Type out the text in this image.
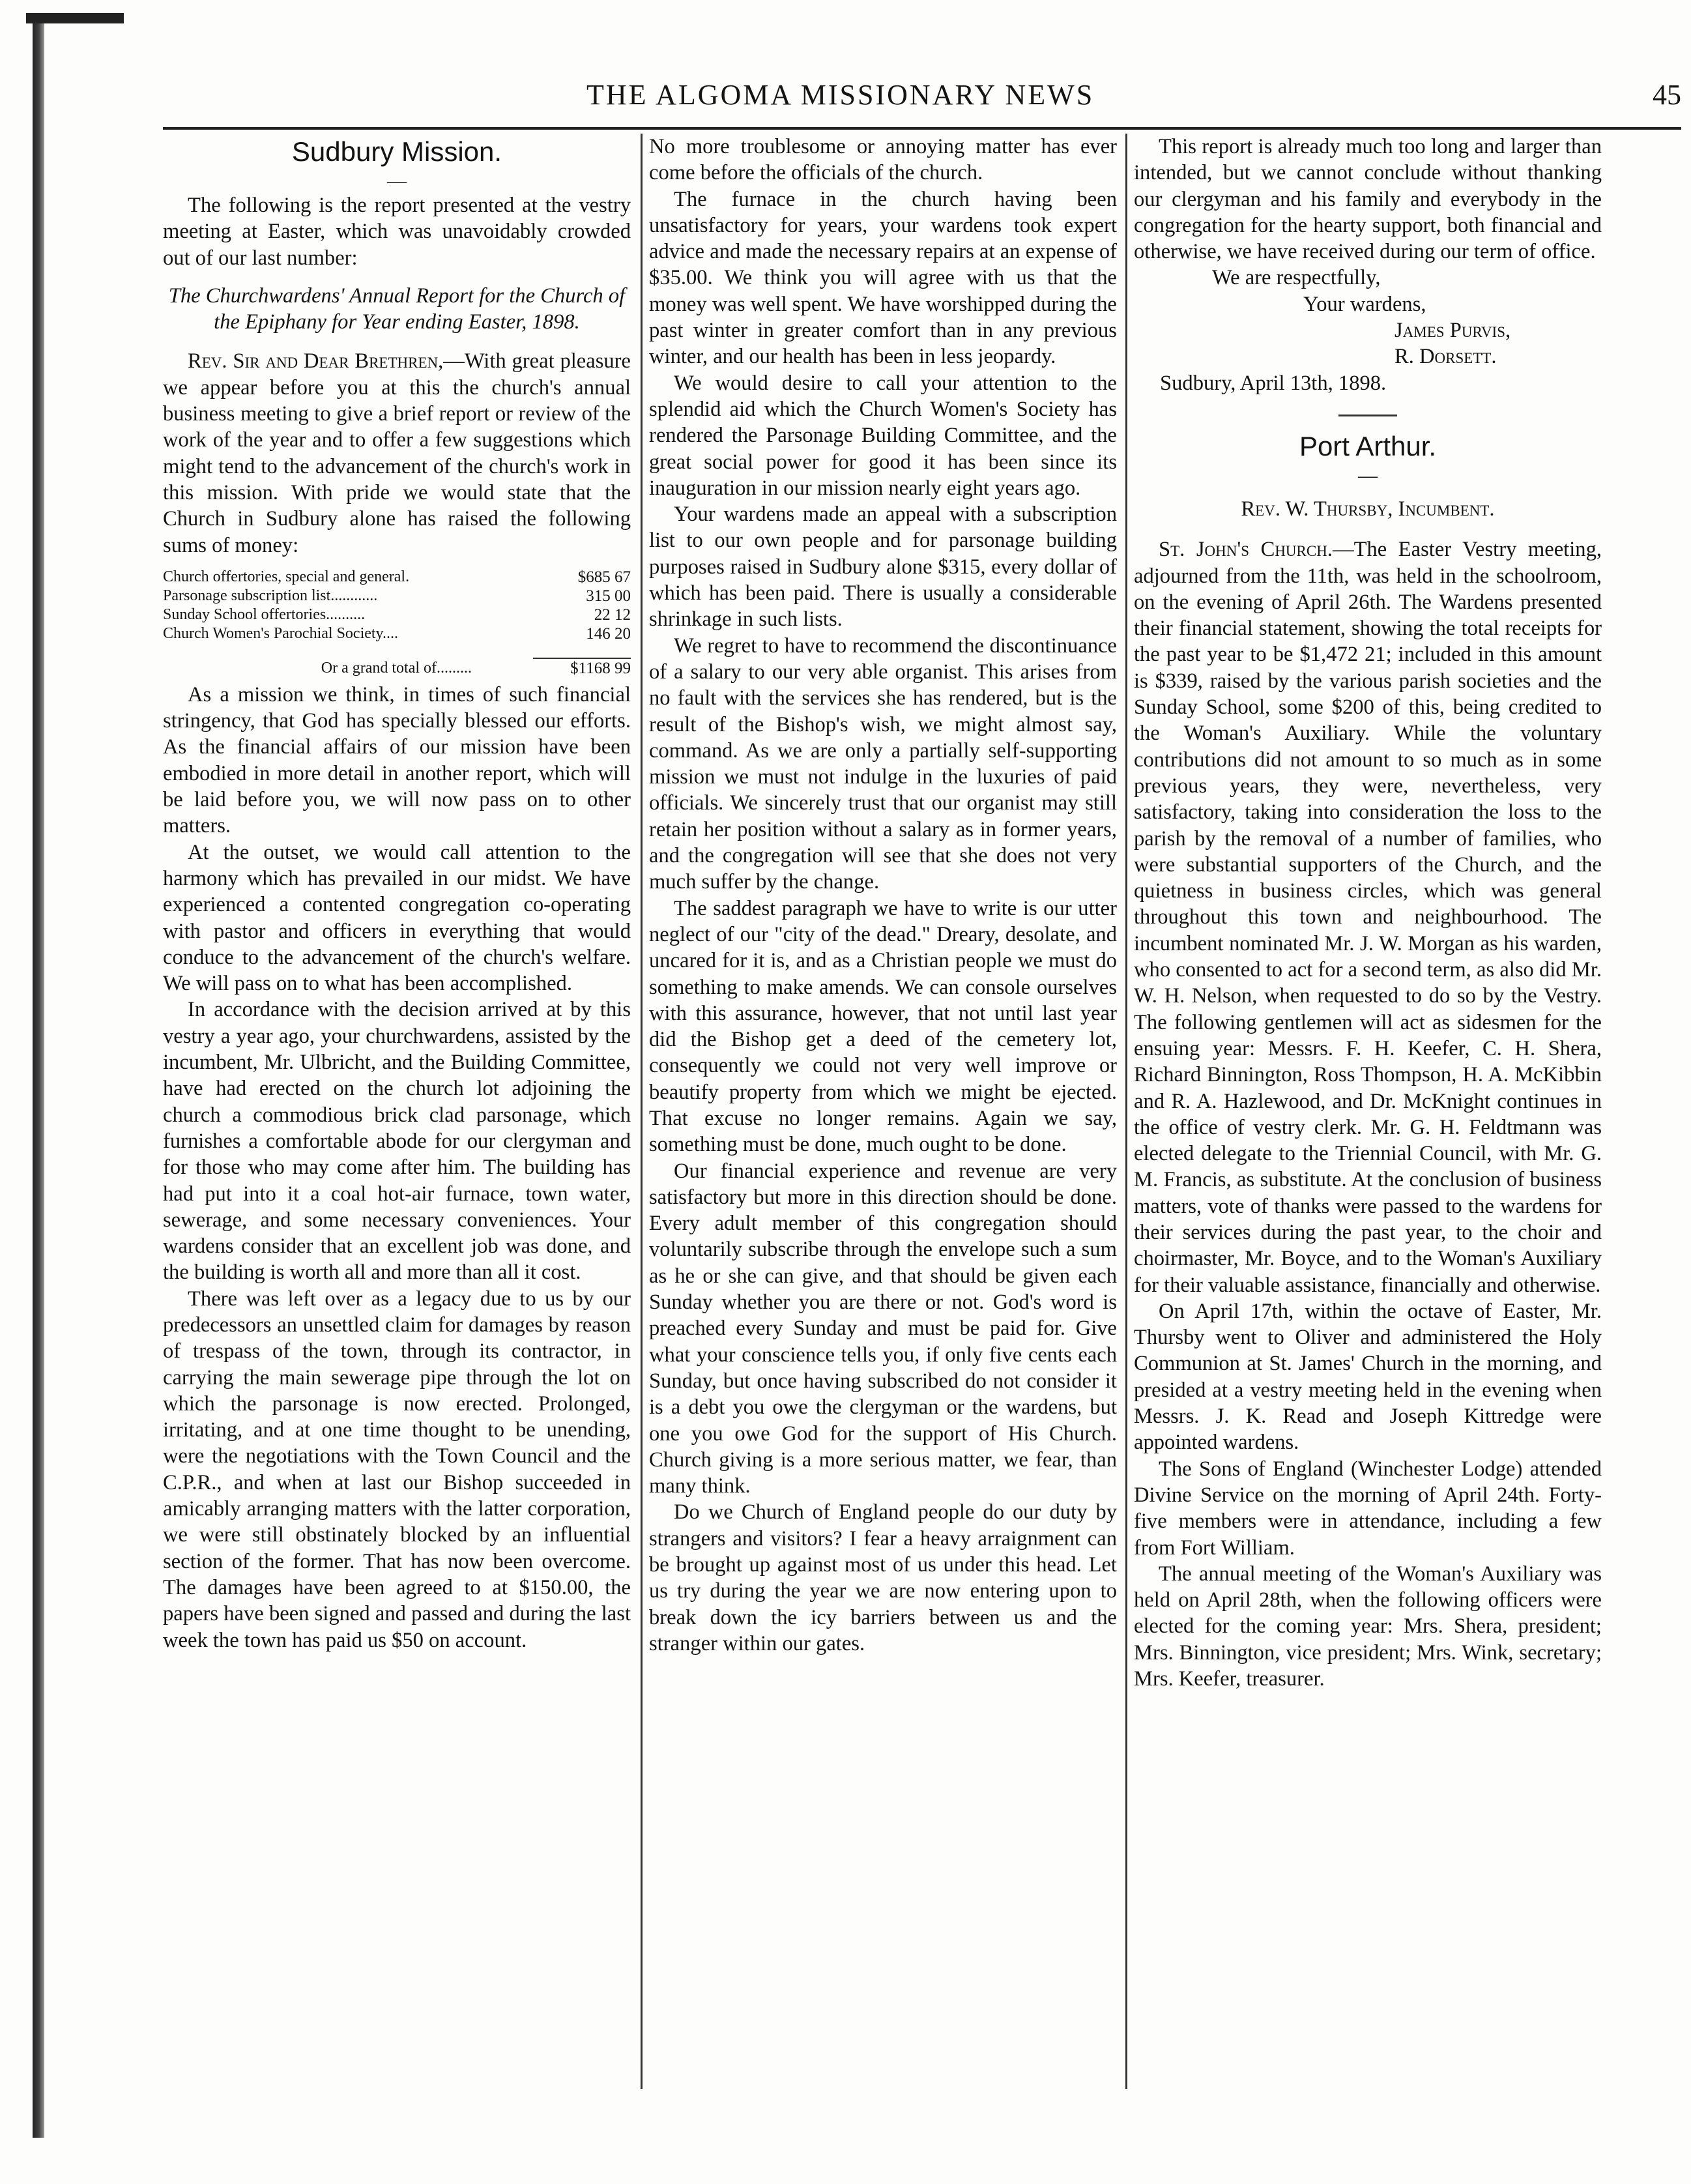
THE ALGOMA MISSIONARY NEWS	45
Sudbury Mission.
—

The following is the report presented at the vestry meeting at Easter, which was unavoidably crowded out of our last number:

The Churchwardens' Annual Report for the Church of the Epiphany for Year ending Easter, 1898.

Rev. Sir and Dear Brethren,—With great pleasure we appear before you at this the church's annual business meeting to give a brief report or review of the work of the year and to offer a few suggestions which might tend to the advancement of the church's work in this mission. With pride we would state that the Church in Sudbury alone has raised the following sums of money:

Church offertories, special and general.	$685 67
Parsonage subscription list............	315 00
Sunday School offertories..........	22 12
Church Women's Parochial Society....	146 20
Or a grand total of.........	$1168 99

As a mission we think, in times of such financial stringency, that God has specially blessed our efforts. As the financial affairs of our mission have been embodied in more detail in another report, which will be laid before you, we will now pass on to other matters.

At the outset, we would call attention to the harmony which has prevailed in our midst. We have experienced a contented congregation co-operating with pastor and officers in everything that would conduce to the advancement of the church's welfare. We will pass on to what has been accomplished.

In accordance with the decision arrived at by this vestry a year ago, your churchwardens, assisted by the incumbent, Mr. Ulbricht, and the Building Committee, have had erected on the church lot adjoining the church a commodious brick clad parsonage, which furnishes a comfortable abode for our clergyman and for those who may come after him. The building has had put into it a coal hot-air furnace, town water, sewerage, and some necessary conveniences. Your wardens consider that an excellent job was done, and the building is worth all and more than all it cost.

There was left over as a legacy due to us by our predecessors an unsettled claim for damages by reason of trespass of the town, through its contractor, in carrying the main sewerage pipe through the lot on which the parsonage is now erected. Prolonged, irritating, and at one time thought to be unending, were the negotiations with the Town Council and the C.P.R., and when at last our Bishop succeeded in amicably arranging matters with the latter corporation, we were still obstinately blocked by an influential section of the former. That has now been overcome. The damages have been agreed to at $150.00, the papers have been signed and passed and during the last week the town has paid us $50 on account.

No more troublesome or annoying matter has ever come before the officials of the church.

The furnace in the church having been unsatisfactory for years, your wardens took expert advice and made the necessary repairs at an expense of $35.00. We think you will agree with us that the money was well spent. We have worshipped during the past winter in greater comfort than in any previous winter, and our health has been in less jeopardy.

We would desire to call your attention to the splendid aid which the Church Women's Society has rendered the Parsonage Building Committee, and the great social power for good it has been since its inauguration in our mission nearly eight years ago.

Your wardens made an appeal with a subscription list to our own people and for parsonage building purposes raised in Sudbury alone $315, every dollar of which has been paid. There is usually a considerable shrinkage in such lists.

We regret to have to recommend the discontinuance of a salary to our very able organist. This arises from no fault with the services she has rendered, but is the result of the Bishop's wish, we might almost say, command. As we are only a partially self-supporting mission we must not indulge in the luxuries of paid officials. We sincerely trust that our organist may still retain her position without a salary as in former years, and the congregation will see that she does not very much suffer by the change.

The saddest paragraph we have to write is our utter neglect of our "city of the dead." Dreary, desolate, and uncared for it is, and as a Christian people we must do something to make amends. We can console ourselves with this assurance, however, that not until last year did the Bishop get a deed of the cemetery lot, consequently we could not very well improve or beautify property from which we might be ejected. That excuse no longer remains. Again we say, something must be done, much ought to be done.

Our financial experience and revenue are very satisfactory but more in this direction should be done. Every adult member of this congregation should voluntarily subscribe through the envelope such a sum as he or she can give, and that should be given each Sunday whether you are there or not. God's word is preached every Sunday and must be paid for. Give what your conscience tells you, if only five cents each Sunday, but once having subscribed do not consider it is a debt you owe the clergyman or the wardens, but one you owe God for the support of His Church. Church giving is a more serious matter, we fear, than many think.

Do we Church of England people do our duty by strangers and visitors? I fear a heavy arraignment can be brought up against most of us under this head. Let us try during the year we are now entering upon to break down the icy barriers between us and the stranger within our gates.

This report is already much too long and larger than intended, but we cannot conclude without thanking our clergyman and his family and everybody in the congregation for the hearty support, both financial and otherwise, we have received during our term of office.

We are respectfully,

Your wardens,

James Purvis,

R. Dorsett.

Sudbury, April 13th, 1898.

Port Arthur.
—

Rev. W. Thursby, Incumbent.

St. John's Church.—The Easter Vestry meeting, adjourned from the 11th, was held in the schoolroom, on the evening of April 26th. The Wardens presented their financial statement, showing the total receipts for the past year to be $1,472 21; included in this amount is $339, raised by the various parish societies and the Sunday School, some $200 of this, being credited to the Woman's Auxiliary. While the voluntary contributions did not amount to so much as in some previous years, they were, nevertheless, very satisfactory, taking into consideration the loss to the parish by the removal of a number of families, who were substantial supporters of the Church, and the quietness in business circles, which was general throughout this town and neighbourhood. The incumbent nominated Mr. J. W. Morgan as his warden, who consented to act for a second term, as also did Mr. W. H. Nelson, when requested to do so by the Vestry. The following gentlemen will act as sidesmen for the ensuing year: Messrs. F. H. Keefer, C. H. Shera, Richard Binnington, Ross Thompson, H. A. McKibbin and R. A. Hazlewood, and Dr. McKnight continues in the office of vestry clerk. Mr. G. H. Feldtmann was elected delegate to the Triennial Council, with Mr. G. M. Francis, as substitute. At the conclusion of business matters, vote of thanks were passed to the wardens for their services during the past year, to the choir and choirmaster, Mr. Boyce, and to the Woman's Auxiliary for their valuable assistance, financially and otherwise.

On April 17th, within the octave of Easter, Mr. Thursby went to Oliver and administered the Holy Communion at St. James' Church in the morning, and presided at a vestry meeting held in the evening when Messrs. J. K. Read and Joseph Kittredge were appointed wardens.

The Sons of England (Winchester Lodge) attended Divine Service on the morning of April 24th. Forty-five members were in attendance, including a few from Fort William.

The annual meeting of the Woman's Auxiliary was held on April 28th, when the following officers were elected for the coming year: Mrs. Shera, president; Mrs. Binnington, vice president; Mrs. Wink, secretary; Mrs. Keefer, treasurer.
